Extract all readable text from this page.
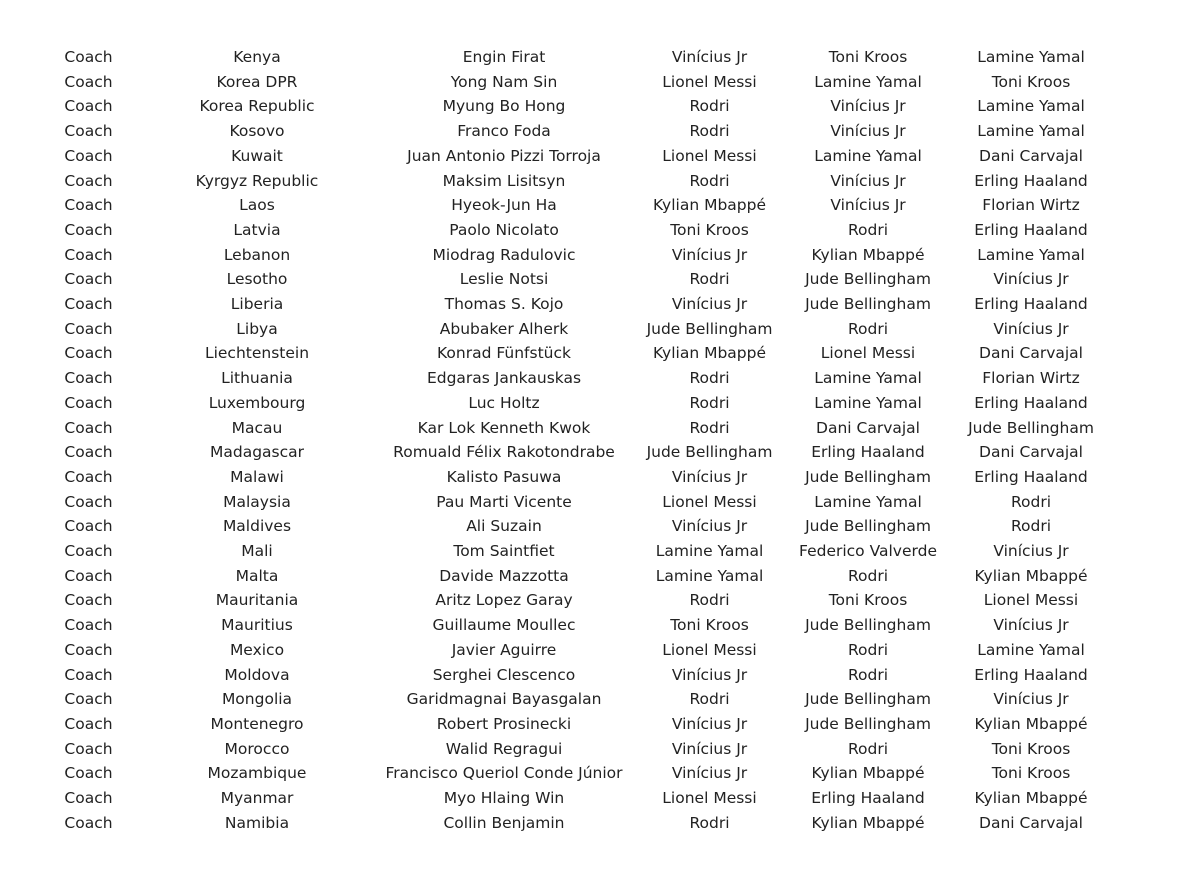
	Coach	Kenya	Engin Firat	Vinícius Jr	Toni Kroos	Lamine Yamal	
	Coach	Korea DPR	Yong Nam Sin	Lionel Messi	Lamine Yamal	Toni Kroos	
	Coach	Korea Republic	Myung Bo Hong	Rodri	Vinícius Jr	Lamine Yamal	
	Coach	Kosovo	Franco Foda	Rodri	Vinícius Jr	Lamine Yamal	
	Coach	Kuwait	Juan Antonio Pizzi Torroja	Lionel Messi	Lamine Yamal	Dani Carvajal	
	Coach	Kyrgyz Republic	Maksim Lisitsyn	Rodri	Vinícius Jr	Erling Haaland	
	Coach	Laos	Hyeok-Jun Ha	Kylian Mbappé	Vinícius Jr	Florian Wirtz	
	Coach	Latvia	Paolo Nicolato	Toni Kroos	Rodri	Erling Haaland	
	Coach	Lebanon	Miodrag Radulovic	Vinícius Jr	Kylian Mbappé	Lamine Yamal	
	Coach	Lesotho	Leslie Notsi	Rodri	Jude Bellingham	Vinícius Jr	
	Coach	Liberia	Thomas S. Kojo	Vinícius Jr	Jude Bellingham	Erling Haaland	
	Coach	Libya	Abubaker Alherk	Jude Bellingham	Rodri	Vinícius Jr	
	Coach	Liechtenstein	Konrad Fünfstück	Kylian Mbappé	Lionel Messi	Dani Carvajal	
	Coach	Lithuania	Edgaras Jankauskas	Rodri	Lamine Yamal	Florian Wirtz	
	Coach	Luxembourg	Luc Holtz	Rodri	Lamine Yamal	Erling Haaland	
	Coach	Macau	Kar Lok Kenneth Kwok	Rodri	Dani Carvajal	Jude Bellingham	
	Coach	Madagascar	Romuald Félix Rakotondrabe	Jude Bellingham	Erling Haaland	Dani Carvajal	
	Coach	Malawi	Kalisto Pasuwa	Vinícius Jr	Jude Bellingham	Erling Haaland	
	Coach	Malaysia	Pau Marti Vicente	Lionel Messi	Lamine Yamal	Rodri	
	Coach	Maldives	Ali Suzain	Vinícius Jr	Jude Bellingham	Rodri	
	Coach	Mali	Tom Saintfiet	Lamine Yamal	Federico Valverde	Vinícius Jr	
	Coach	Malta	Davide Mazzotta	Lamine Yamal	Rodri	Kylian Mbappé	
	Coach	Mauritania	Aritz Lopez Garay	Rodri	Toni Kroos	Lionel Messi	
	Coach	Mauritius	Guillaume Moullec	Toni Kroos	Jude Bellingham	Vinícius Jr	
	Coach	Mexico	Javier Aguirre	Lionel Messi	Rodri	Lamine Yamal	
	Coach	Moldova	Serghei Clescenco	Vinícius Jr	Rodri	Erling Haaland	
	Coach	Mongolia	Garidmagnai Bayasgalan	Rodri	Jude Bellingham	Vinícius Jr	
	Coach	Montenegro	Robert Prosinecki	Vinícius Jr	Jude Bellingham	Kylian Mbappé	
	Coach	Morocco	Walid Regragui	Vinícius Jr	Rodri	Toni Kroos	
	Coach	Mozambique	Francisco Queriol Conde Júnior	Vinícius Jr	Kylian Mbappé	Toni Kroos	
	Coach	Myanmar	Myo Hlaing Win	Lionel Messi	Erling Haaland	Kylian Mbappé	
	Coach	Namibia	Collin Benjamin	Rodri	Kylian Mbappé	Dani Carvajal	
